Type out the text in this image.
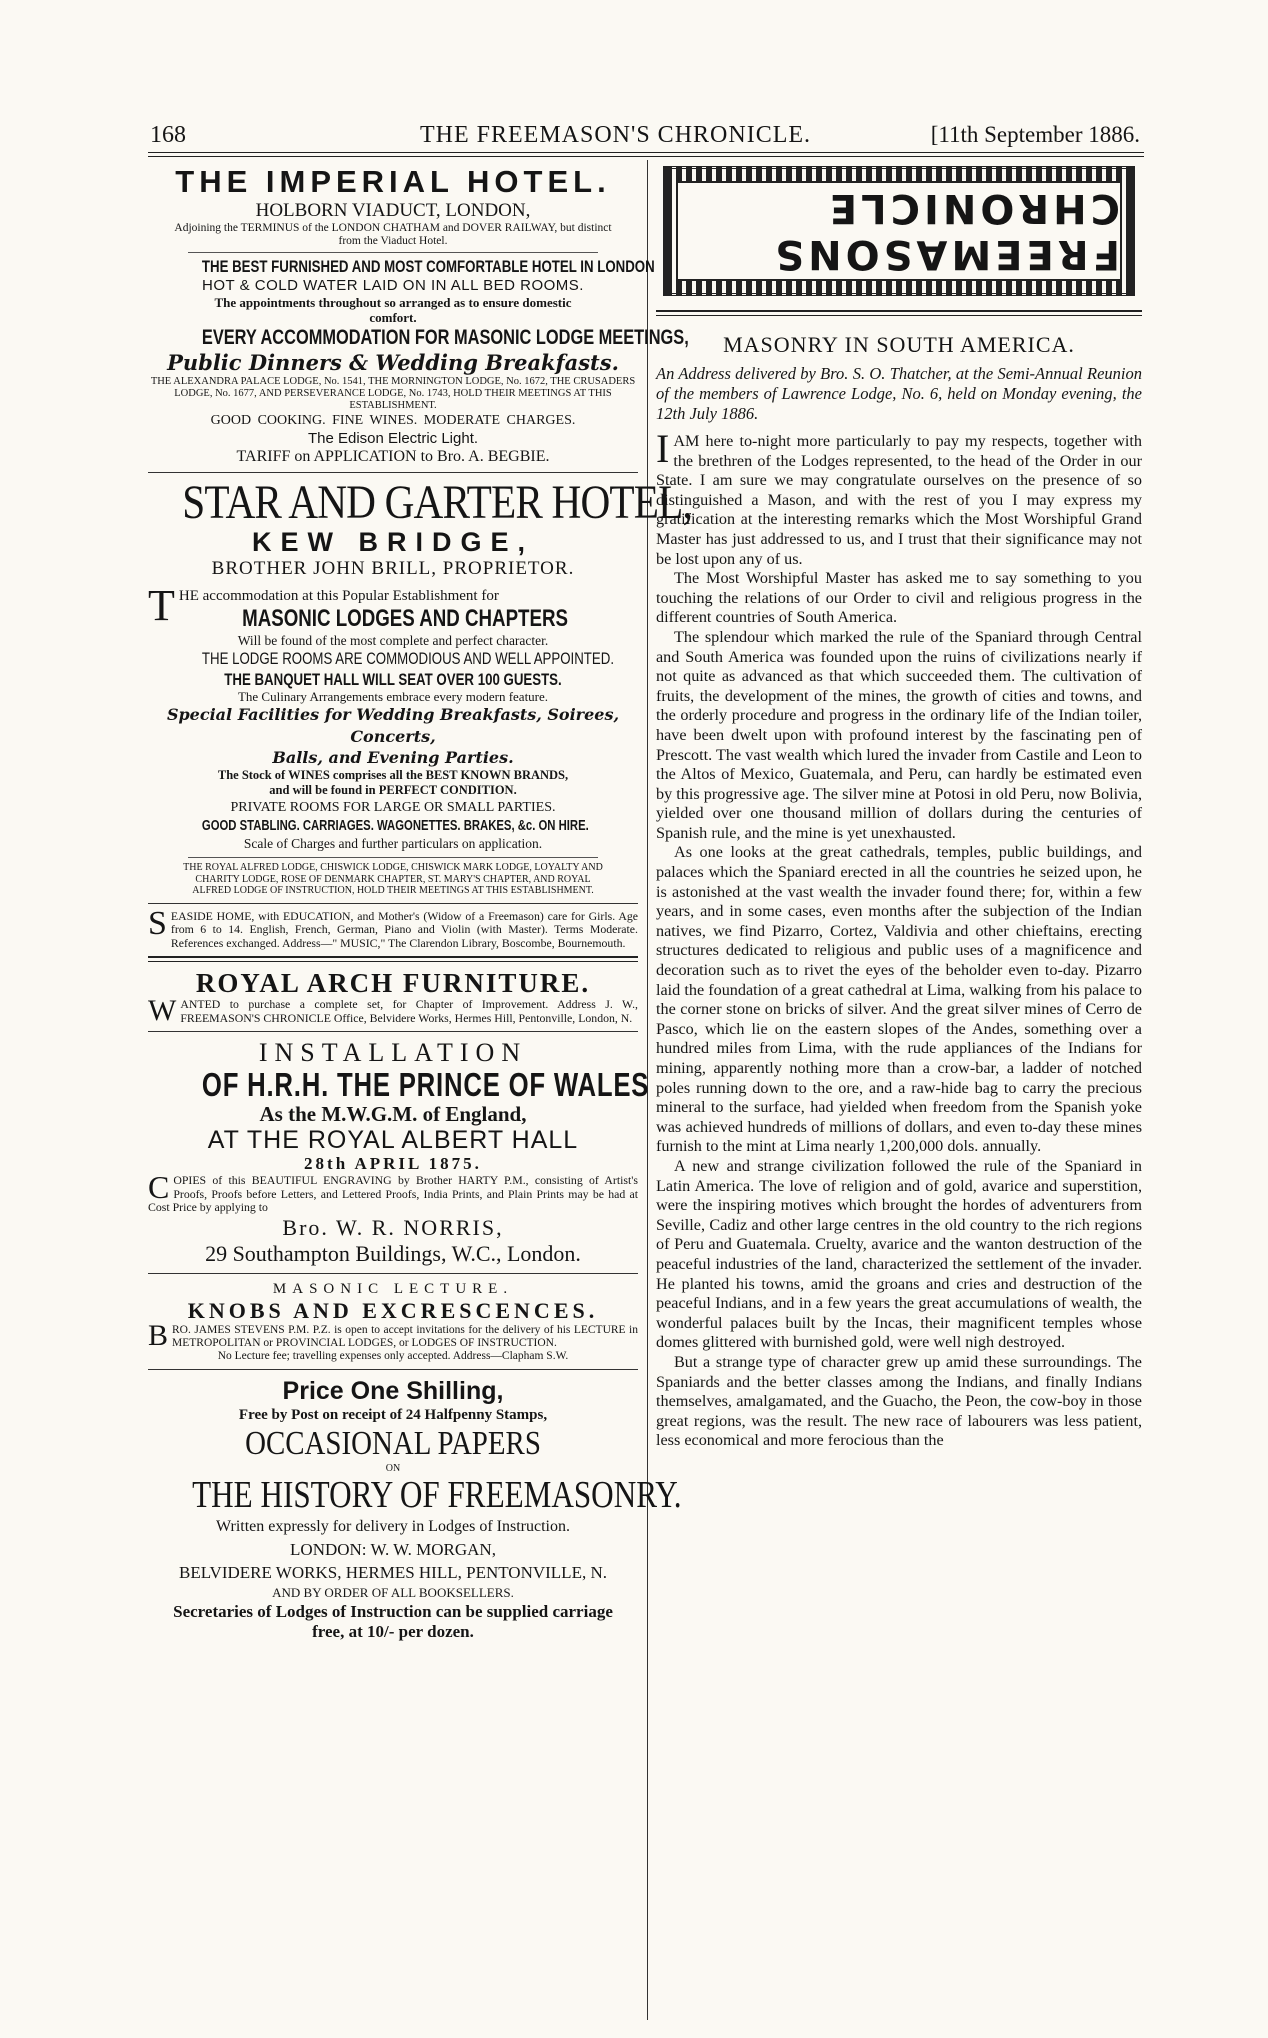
168	THE FREEMASON'S CHRONICLE.	[11th September 1886.
THE IMPERIAL HOTEL.
HOLBORN VIADUCT, LONDON,
Adjoining the TERMINUS of the LONDON CHATHAM and DOVER RAILWAY, but distinct from the Viaduct Hotel.
THE BEST FURNISHED AND MOST COMFORTABLE HOTEL IN LONDON
HOT & COLD WATER LAID ON IN ALL BED ROOMS.
The appointments throughout so arranged as to ensure domestic comfort.
EVERY ACCOMMODATION FOR MASONIC LODGE MEETINGS,
Public Dinners & Wedding Breakfasts.
THE ALEXANDRA PALACE LODGE, No. 1541, THE MORNINGTON LODGE, No. 1672, THE CRUSADERS LODGE, No. 1677, AND PERSEVERANCE LODGE, No. 1743, HOLD THEIR MEETINGS AT THIS ESTABLISHMENT.
GOOD COOKING. FINE WINES. MODERATE CHARGES.
The Edison Electric Light.
TARIFF on APPLICATION to Bro. A. BEGBIE.
STAR AND GARTER HOTEL,
KEW BRIDGE,
BROTHER JOHN BRILL, PROPRIETOR.
T HE accommodation at this Popular Establishment for
MASONIC LODGES AND CHAPTERS
Will be found of the most complete and perfect character.
THE LODGE ROOMS ARE COMMODIOUS AND WELL APPOINTED.
THE BANQUET HALL WILL SEAT OVER 100 GUESTS.
The Culinary Arrangements embrace every modern feature.
Special Facilities for Wedding Breakfasts, Soirees, Concerts,
Balls, and Evening Parties.
The Stock of WINES comprises all the BEST KNOWN BRANDS,
and will be found in PERFECT CONDITION.
PRIVATE ROOMS FOR LARGE OR SMALL PARTIES.
GOOD STABLING. CARRIAGES. WAGONETTES. BRAKES, &c. ON HIRE.
Scale of Charges and further particulars on application.
THE ROYAL ALFRED LODGE, CHISWICK LODGE, CHISWICK MARK LODGE, LOYALTY AND CHARITY LODGE, ROSE OF DENMARK CHAPTER, ST. MARY'S CHAPTER, AND ROYAL ALFRED LODGE OF INSTRUCTION, HOLD THEIR MEETINGS AT THIS ESTABLISHMENT.
S EASIDE HOME, with EDUCATION, and Mother's (Widow of a Freemason) care for Girls. Age from 6 to 14. English, French, German, Piano and Violin (with Master). Terms Moderate. References exchanged. Address—" MUSIC," The Clarendon Library, Boscombe, Bournemouth.
ROYAL ARCH FURNITURE.
W ANTED to purchase a complete set, for Chapter of Improvement. Address J. W., FREEMASON'S CHRONICLE Office, Belvidere Works, Hermes Hill, Pentonville, London, N.
INSTALLATION
OF H.R.H. THE PRINCE OF WALES
As the M.W.G.M. of England,
AT THE ROYAL ALBERT HALL
28th APRIL 1875.
C OPIES of this BEAUTIFUL ENGRAVING by Brother HARTY P.M., consisting of Artist's Proofs, Proofs before Letters, and Lettered Proofs, India Prints, and Plain Prints may be had at Cost Price by applying to
Bro. W. R. NORRIS,
29 Southampton Buildings, W.C., London.
MASONIC LECTURE.
KNOBS AND EXCRESCENCES.
B RO. JAMES STEVENS P.M. P.Z. is open to accept invitations for the delivery of his LECTURE in METROPOLITAN or PROVINCIAL LODGES, or LODGES OF INSTRUCTION.
No Lecture fee; travelling expenses only accepted. Address—Clapham S.W.
Price One Shilling,
Free by Post on receipt of 24 Halfpenny Stamps,
OCCASIONAL PAPERS
ON
THE HISTORY OF FREEMASONRY.
Written expressly for delivery in Lodges of Instruction.
LONDON: W. W. MORGAN,
BELVIDERE WORKS, HERMES HILL, PENTONVILLE, N.
AND BY ORDER OF ALL BOOKSELLERS.
Secretaries of Lodges of Instruction can be supplied carriage free, at 10/- per dozen.
FREEMASONS CHRONICLE
MASONRY IN SOUTH AMERICA.
An Address delivered by Bro. S. O. Thatcher, at the Semi-Annual Reunion of the members of Lawrence Lodge, No. 6, held on Monday evening, the 12th July 1886.

IAM here to-night more particularly to pay my respects, together with the brethren of the Lodges represented, to the head of the Order in our State. I am sure we may congratulate ourselves on the presence of so distinguished a Mason, and with the rest of you I may express my gratification at the interesting remarks which the Most Worshipful Grand Master has just addressed to us, and I trust that their significance may not be lost upon any of us.

The Most Worshipful Master has asked me to say something to you touching the relations of our Order to civil and religious progress in the different countries of South America.

The splendour which marked the rule of the Spaniard through Central and South America was founded upon the ruins of civilizations nearly if not quite as advanced as that which succeeded them. The cultivation of fruits, the development of the mines, the growth of cities and towns, and the orderly procedure and progress in the ordinary life of the Indian toiler, have been dwelt upon with profound interest by the fascinating pen of Prescott. The vast wealth which lured the invader from Castile and Leon to the Altos of Mexico, Guatemala, and Peru, can hardly be estimated even by this progressive age. The silver mine at Potosi in old Peru, now Bolivia, yielded over one thousand million of dollars during the centuries of Spanish rule, and the mine is yet unexhausted.

As one looks at the great cathedrals, temples, public buildings, and palaces which the Spaniard erected in all the countries he seized upon, he is astonished at the vast wealth the invader found there; for, within a few years, and in some cases, even months after the subjection of the Indian natives, we find Pizarro, Cortez, Valdivia and other chieftains, erecting structures dedicated to religious and public uses of a magnificence and decoration such as to rivet the eyes of the beholder even to-day. Pizarro laid the foundation of a great cathedral at Lima, walking from his palace to the corner stone on bricks of silver. And the great silver mines of Cerro de Pasco, which lie on the eastern slopes of the Andes, something over a hundred miles from Lima, with the rude appliances of the Indians for mining, apparently nothing more than a crow-bar, a ladder of notched poles running down to the ore, and a raw-hide bag to carry the precious mineral to the surface, had yielded when freedom from the Spanish yoke was achieved hundreds of millions of dollars, and even to-day these mines furnish to the mint at Lima nearly 1,200,000 dols. annually.

A new and strange civilization followed the rule of the Spaniard in Latin America. The love of religion and of gold, avarice and superstition, were the inspiring motives which brought the hordes of adventurers from Seville, Cadiz and other large centres in the old country to the rich regions of Peru and Guatemala. Cruelty, avarice and the wanton destruction of the peaceful industries of the land, characterized the settlement of the invader. He planted his towns, amid the groans and cries and destruction of the peaceful Indians, and in a few years the great accumulations of wealth, the wonderful palaces built by the Incas, their magnificent temples whose domes glittered with burnished gold, were well nigh destroyed.

But a strange type of character grew up amid these surroundings. The Spaniards and the better classes among the Indians, and finally Indians themselves, amalgamated, and the Guacho, the Peon, the cow-boy in those great regions, was the result. The new race of labourers was less patient, less economical and more ferocious than the
